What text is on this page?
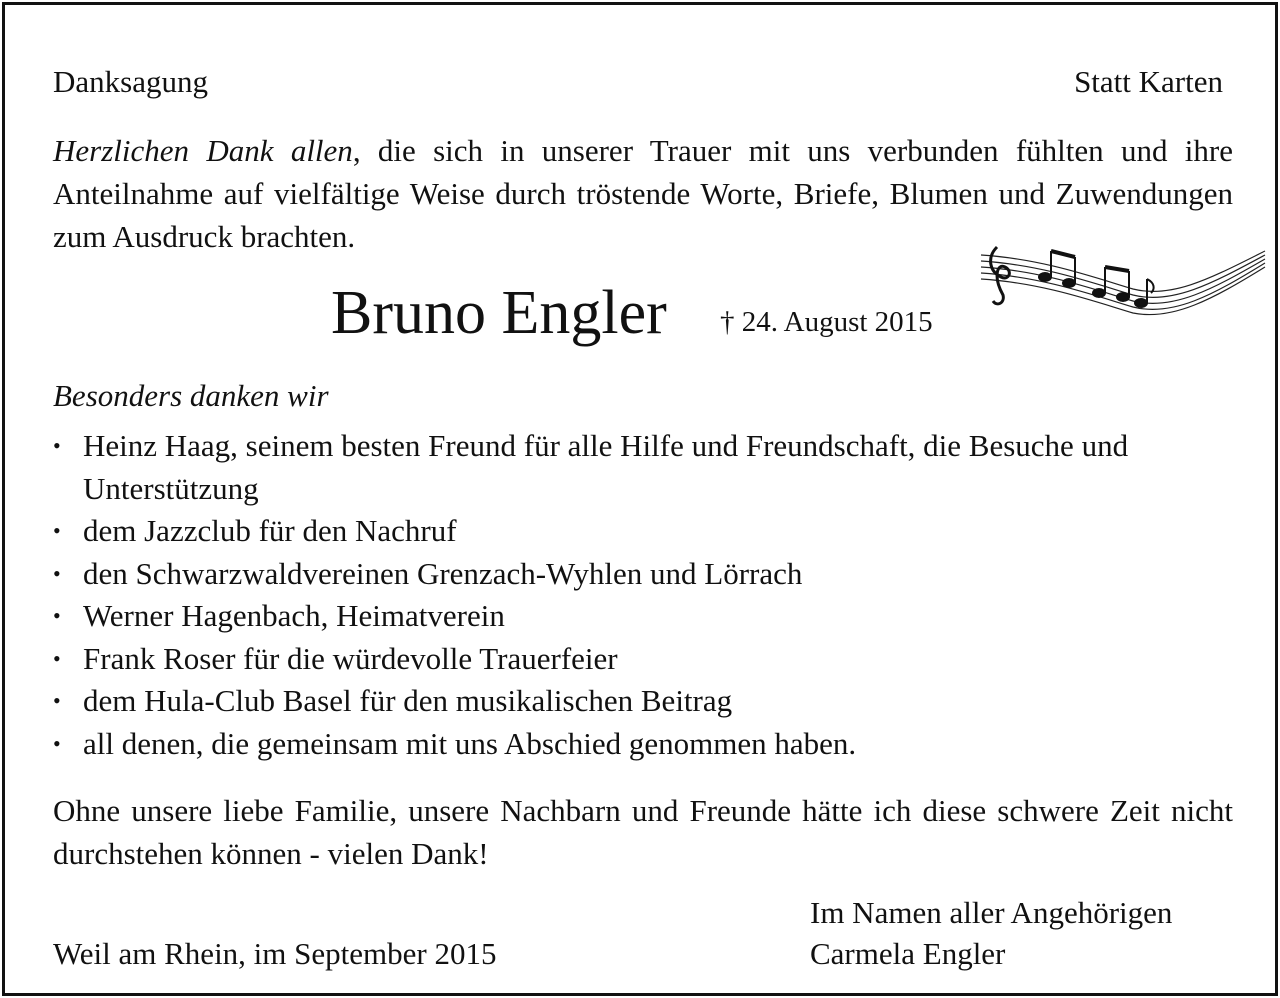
Danksagung	Statt Karten
Herzlichen Dank allen, die sich in unserer Trauer mit uns verbunden fühlten und ihre Anteilnahme auf vielfältige Weise durch tröstende Worte, Briefe, Blumen und Zuwendungen zum Ausdruck brachten.
Bruno Engler † 24. August 2015
Besonders danken wir
• Heinz Haag, seinem besten Freund für alle Hilfe und Freundschaft, die Besuche und Unterstützung
• dem Jazzclub für den Nachruf
• den Schwarzwaldvereinen Grenzach-Wyhlen und Lörrach
• Werner Hagenbach, Heimatverein
• Frank Roser für die würdevolle Trauerfeier
• dem Hula-Club Basel für den musikalischen Beitrag
• all denen, die gemeinsam mit uns Abschied genommen haben.
Ohne unsere liebe Familie, unsere Nachbarn und Freunde hätte ich diese schwere Zeit nicht durchstehen können - vielen Dank!
Im Namen aller Angehörigen
Carmela Engler
Weil am Rhein, im September 2015
